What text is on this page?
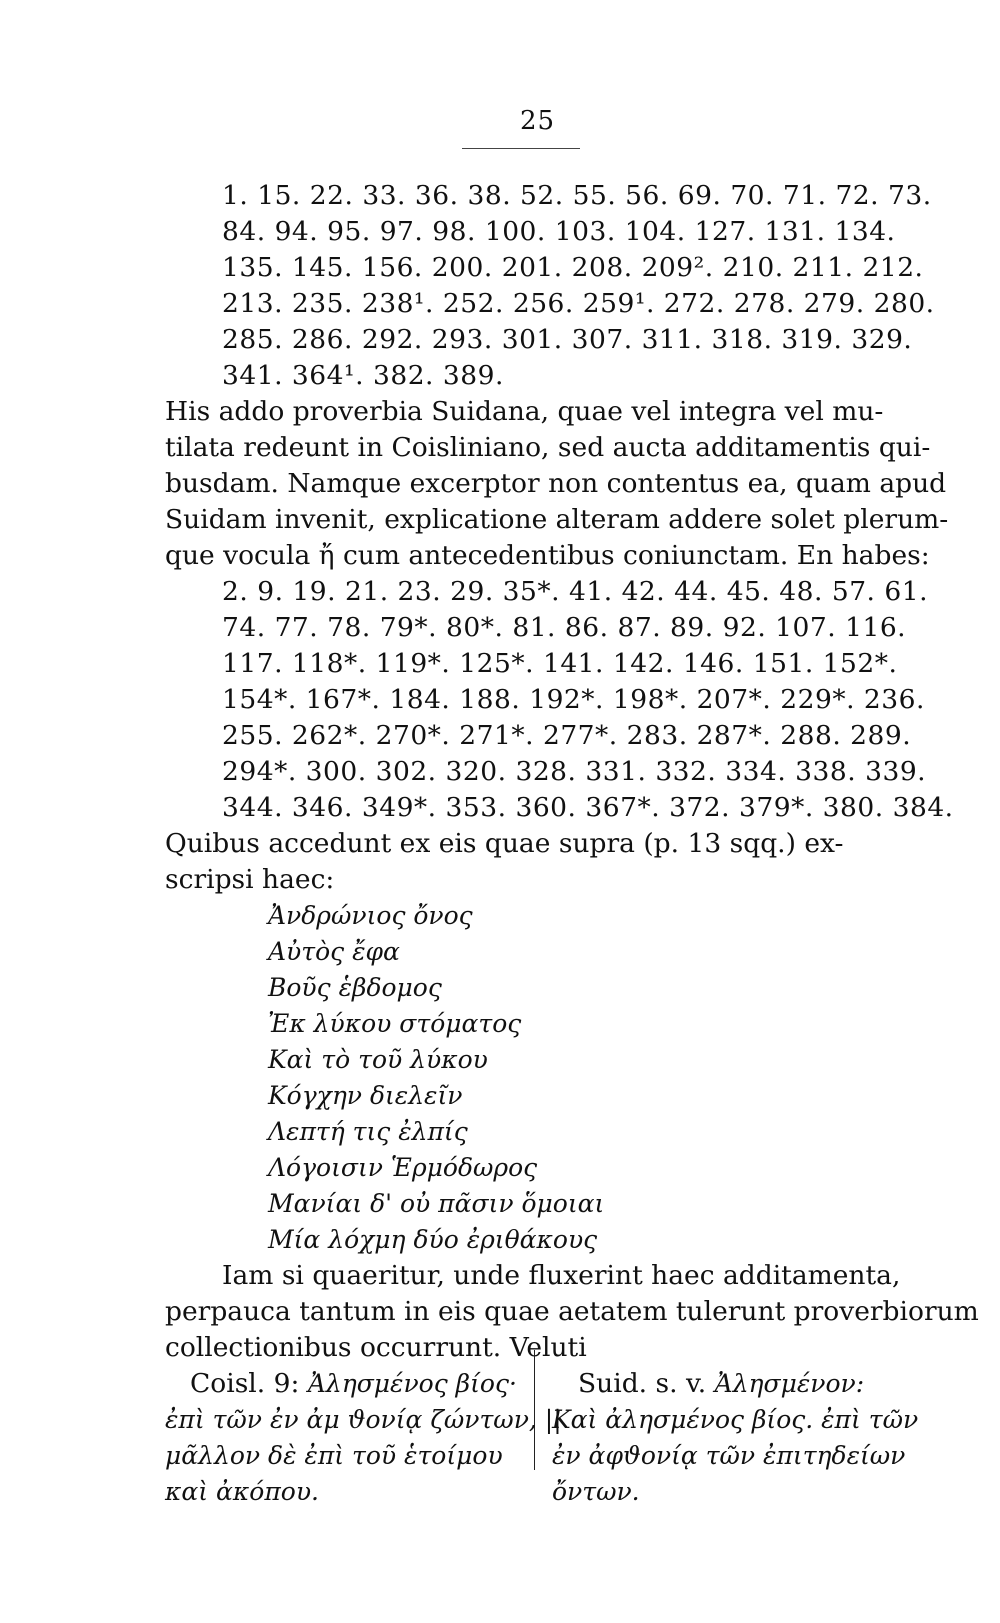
25
1. 15. 22. 33. 36. 38. 52. 55. 56. 69. 70. 71. 72. 73.
84. 94. 95. 97. 98. 100. 103. 104. 127. 131. 134.
135. 145. 156. 200. 201. 208. 209². 210. 211. 212.
213. 235. 238¹. 252. 256. 259¹. 272. 278. 279. 280.
285. 286. 292. 293. 301. 307. 311. 318. 319. 329.
341. 364¹. 382. 389.
His addo proverbia Suidana, quae vel integra vel mu-
tilata redeunt in Coisliniano, sed aucta additamentis qui-
busdam. Namque excerptor non contentus ea, quam apud
Suidam invenit, explicatione alteram addere solet plerum-
que vocula ἤ cum antecedentibus coniunctam. En habes:
2. 9. 19. 21. 23. 29. 35*. 41. 42. 44. 45. 48. 57. 61.
74. 77. 78. 79*. 80*. 81. 86. 87. 89. 92. 107. 116.
117. 118*. 119*. 125*. 141. 142. 146. 151. 152*.
154*. 167*. 184. 188. 192*. 198*. 207*. 229*. 236.
255. 262*. 270*. 271*. 277*. 283. 287*. 288. 289.
294*. 300. 302. 320. 328. 331. 332. 334. 338. 339.
344. 346. 349*. 353. 360. 367*. 372. 379*. 380. 384.
Quibus accedunt ex eis quae supra (p. 13 sqq.) ex-
scripsi haec:
Ἀνδρώνιος ὄνος
Αὐτὸς ἔφα
Βοῦς ἑβδομος
Ἐκ λύκου στόματος
Καὶ τὸ τοῦ λύκου
Κόγχην διελεῖν
Λεπτή τις ἐλπίς
Λόγοισιν Ἑρμόδωρος
Μανίαι δ' οὐ πᾶσιν ὅμοιαι
Μία λόχμη δύο ἐριθάκους
Iam si quaeritur, unde fluxerint haec additamenta,
perpauca tantum in eis quae aetatem tulerunt proverbiorum
collectionibus occurrunt. Veluti
Coisl. 9: Ἀλησμένος βίος·
ἐπὶ τῶν ἐν ἀμ ϑονίᾳ ζώντων, ||
μᾶλλον δὲ ἐπὶ τοῦ ἑτοίμου
καὶ ἀκόπου.
Suid. s. v. Ἀλησμένον:
Καὶ ἀλησμένος βίος. ἐπὶ τῶν
ἐν ἀφϑονίᾳ τῶν ἐπιτηδείων
ὄντων.
